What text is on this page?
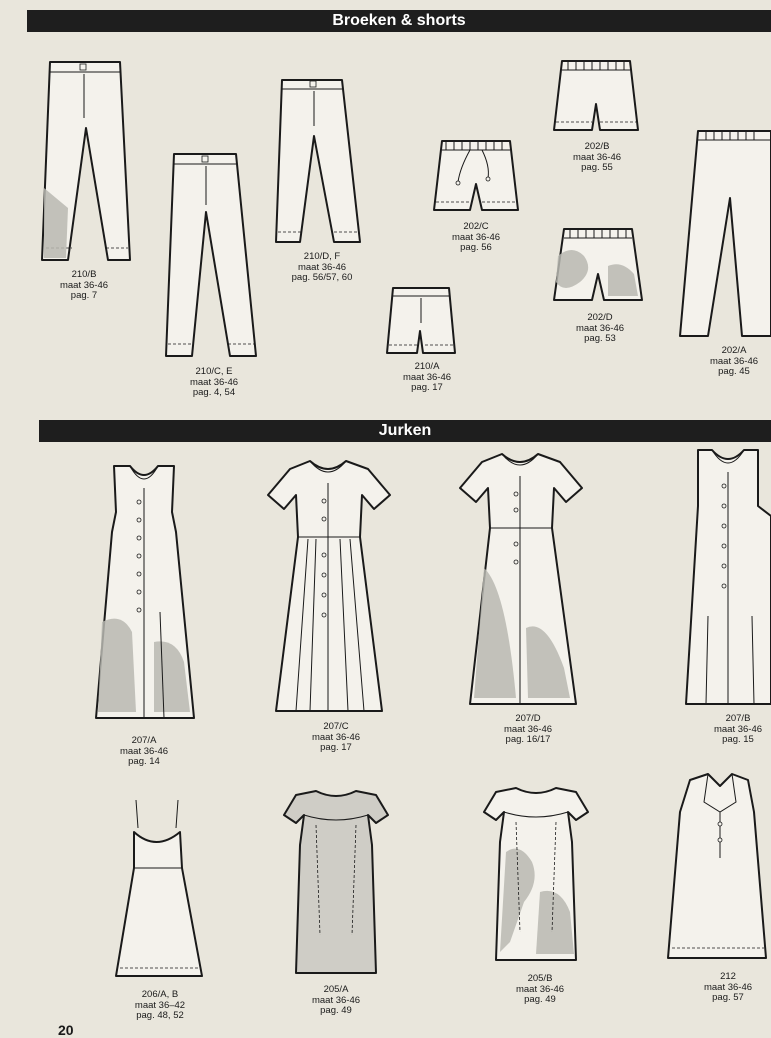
Broeken & shorts
Jurken
210/B
maat 36-46
pag. 7
210/C, E
maat 36-46
pag. 4, 54
210/D, F
maat 36-46
pag. 56/57, 60
210/A
maat 36-46
pag. 17
202/C
maat 36-46
pag. 56
202/B
maat 36-46
pag. 55
202/D
maat 36-46
pag. 53
202/A
maat 36-46
pag. 45
207/A
maat 36-46
pag. 14
207/C
maat 36-46
pag. 17
207/D
maat 36-46
pag. 16/17
207/B
maat 36-46
pag. 15
206/A, B
maat 36–42
pag. 48, 52
205/A
maat 36-46
pag. 49
205/B
maat 36-46
pag. 49
212
maat 36-46
pag. 57
20
